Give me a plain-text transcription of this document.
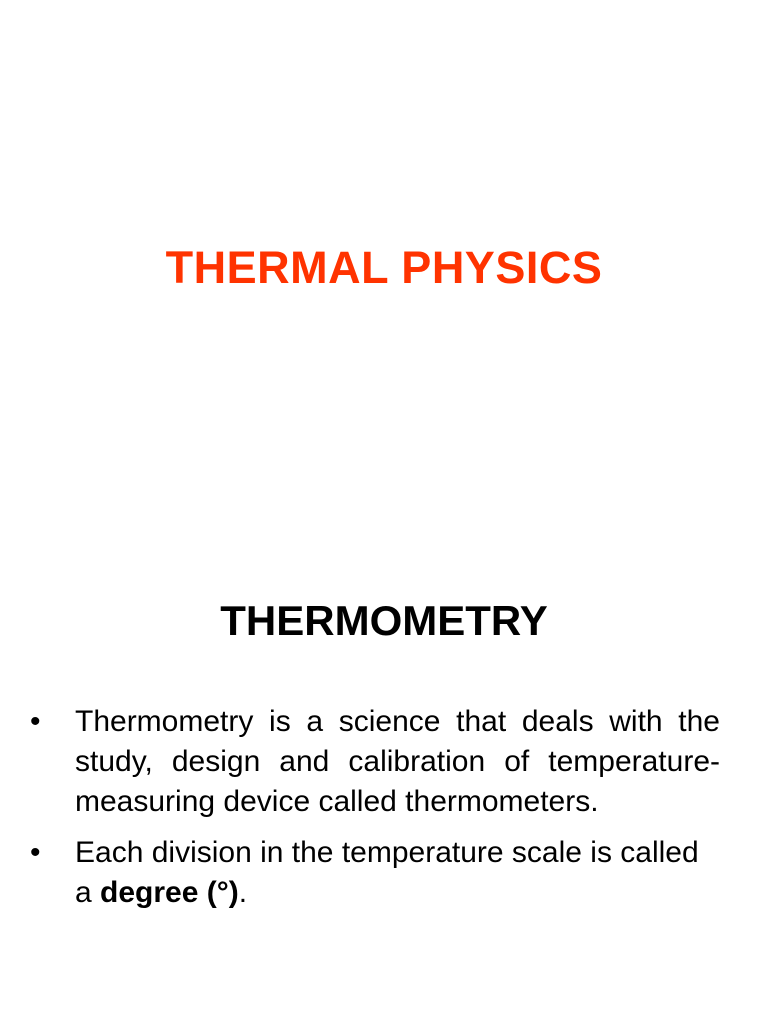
THERMAL PHYSICS
THERMOMETRY
•	Thermometry is a science that deals with the study, design and calibration of temperature-measuring device called thermometers.
•	Each division in the temperature scale is called a degree (°).
